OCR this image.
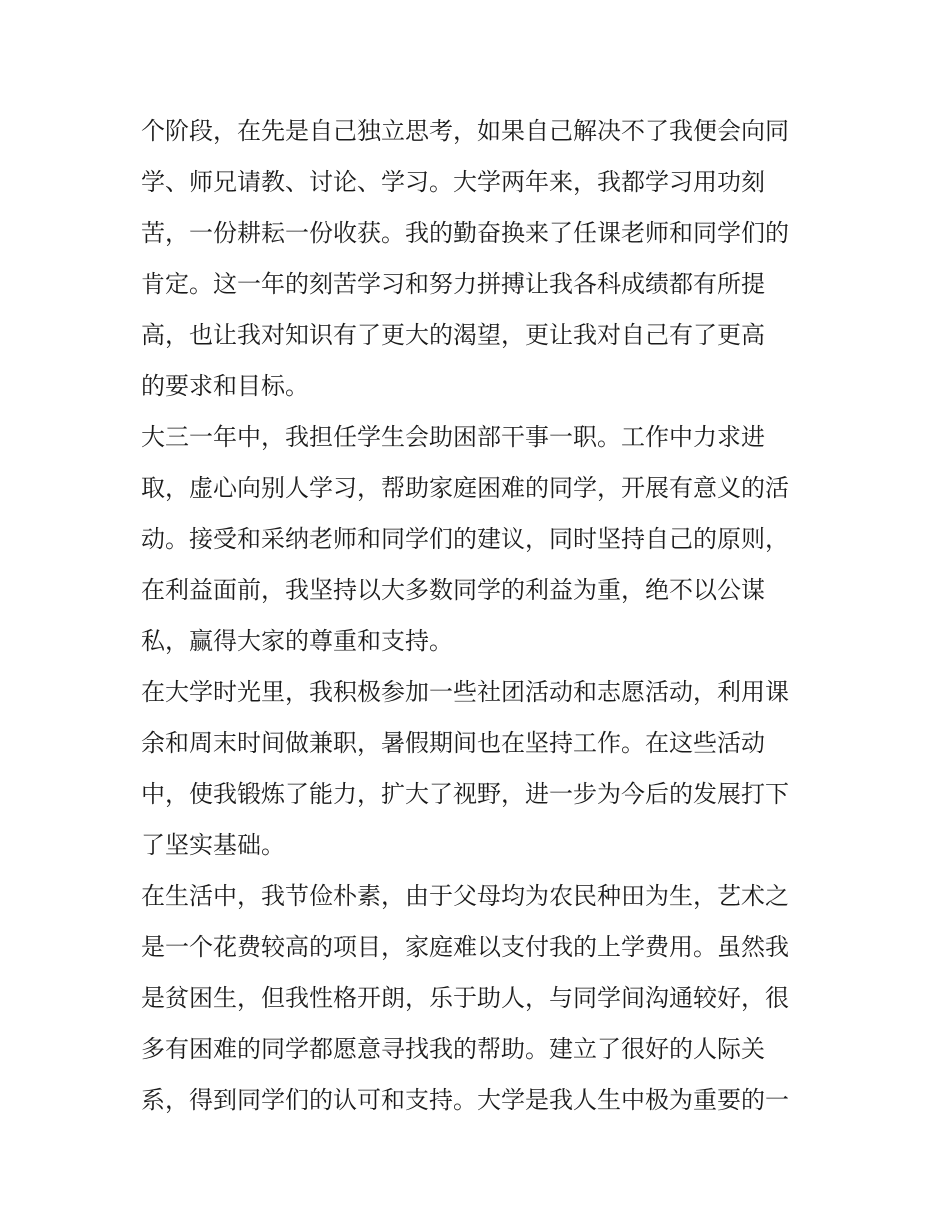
个阶段，在先是自己独立思考，如果自己解决不了我便会向同
学、师兄请教、讨论、学习。大学两年来，我都学习用功刻
苦，一份耕耘一份收获。我的勤奋换来了任课老师和同学们的
肯定。这一年的刻苦学习和努力拼搏让我各科成绩都有所提
高，也让我对知识有了更大的渴望，更让我对自己有了更高
的要求和目标。
大三一年中，我担任学生会助困部干事一职。工作中力求进
取，虚心向别人学习，帮助家庭困难的同学，开展有意义的活
动。接受和采纳老师和同学们的建议，同时坚持自己的原则，
在利益面前，我坚持以大多数同学的利益为重，绝不以公谋
私，赢得大家的尊重和支持。
在大学时光里，我积极参加一些社团活动和志愿活动，利用课
余和周末时间做兼职，暑假期间也在坚持工作。在这些活动
中，使我锻炼了能力，扩大了视野，进一步为今后的发展打下
了坚实基础。
在生活中，我节俭朴素，由于父母均为农民种田为生，艺术之
是一个花费较高的项目，家庭难以支付我的上学费用。虽然我
是贫困生，但我性格开朗，乐于助人，与同学间沟通较好，很
多有困难的同学都愿意寻找我的帮助。建立了很好的人际关
系，得到同学们的认可和支持。大学是我人生中极为重要的一
